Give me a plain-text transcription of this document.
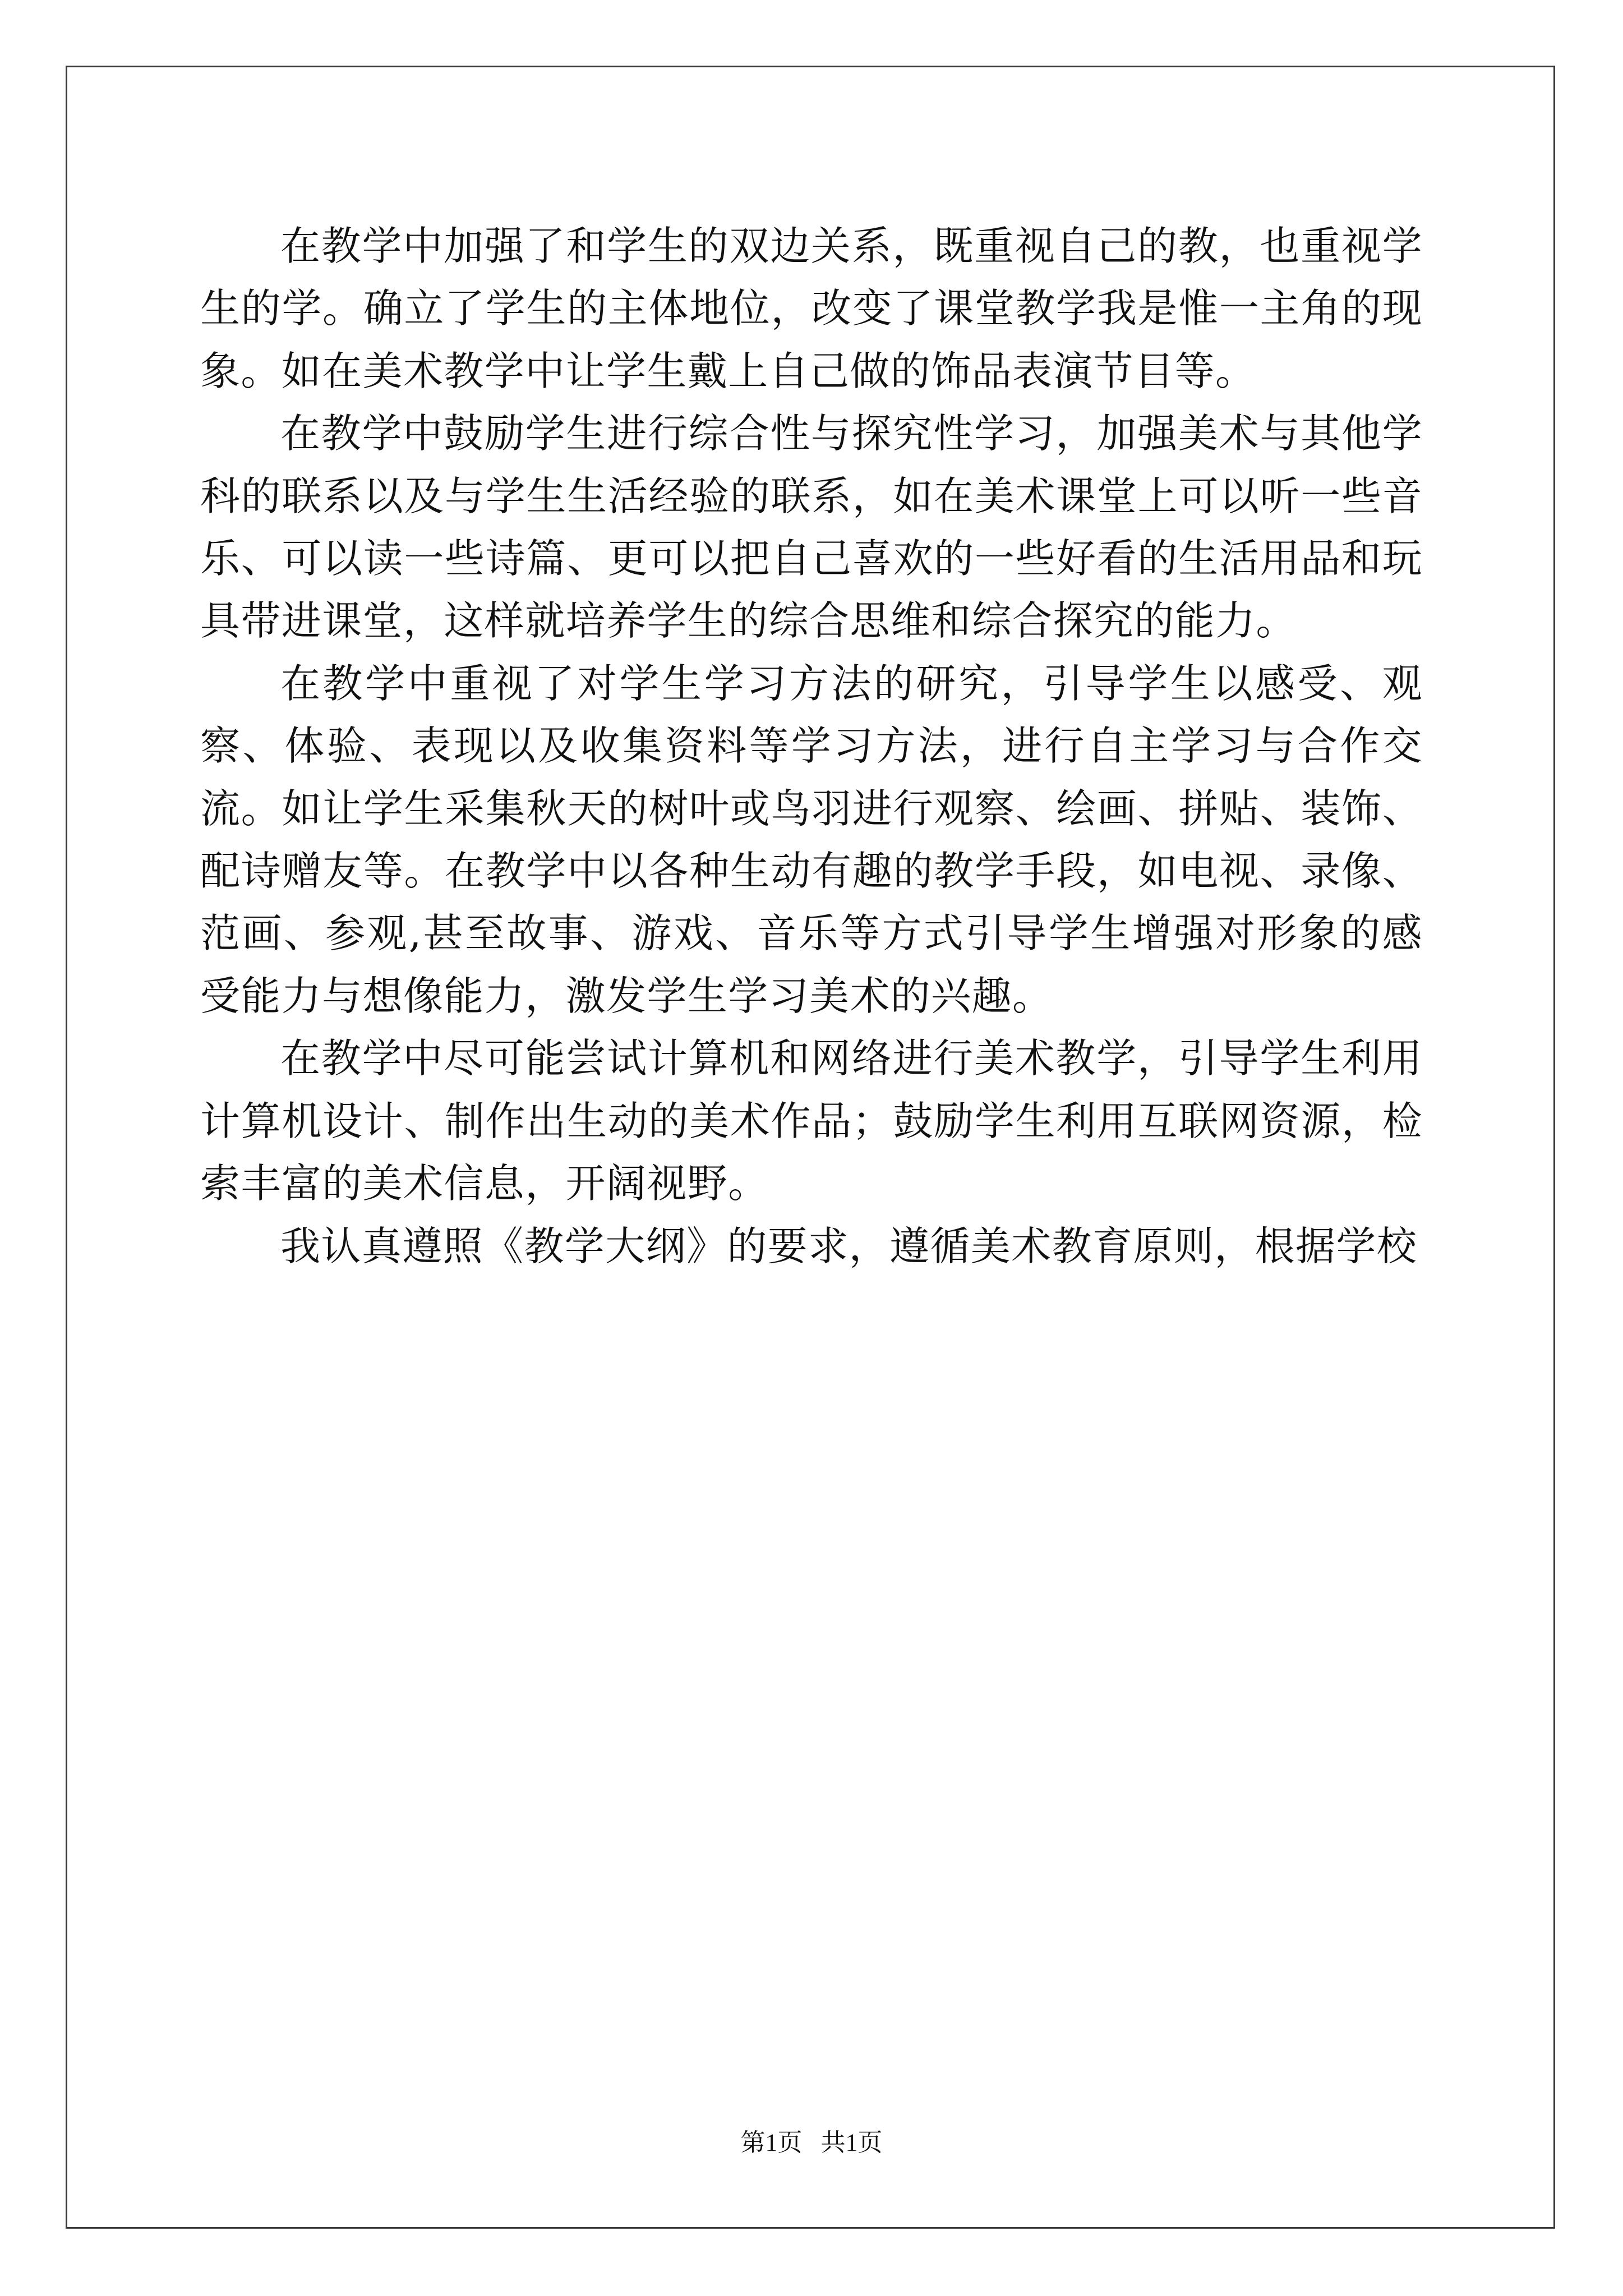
在教学中加强了和学生的双边关系，既重视自己的教，也重视学生的学。确立了学生的主体地位，改变了课堂教学我是惟一主角的现象。如在美术教学中让学生戴上自己做的饰品表演节目等。

在教学中鼓励学生进行综合性与探究性学习，加强美术与其他学科的联系以及与学生生活经验的联系，如在美术课堂上可以听一些音乐、可以读一些诗篇、更可以把自己喜欢的一些好看的生活用品和玩具带进课堂，这样就培养学生的综合思维和综合探究的能力。

在教学中重视了对学生学习方法的研究，引导学生以感受、观察、体验、表现以及收集资料等学习方法，进行自主学习与合作交流。如让学生采集秋天的树叶或鸟羽进行观察、绘画、拼贴、装饰、配诗赠友等。在教学中以各种生动有趣的教学手段，如电视、录像、范画、参观,甚至故事、游戏、音乐等方式引导学生增强对形象的感受能力与想像能力，激发学生学习美术的兴趣。

在教学中尽可能尝试计算机和网络进行美术教学，引导学生利用计算机设计、制作出生动的美术作品；鼓励学生利用互联网资源，检索丰富的美术信息，开阔视野。

我认真遵照《教学大纲》的要求，遵循美术教育原则，根据学校

第1页 共1页
